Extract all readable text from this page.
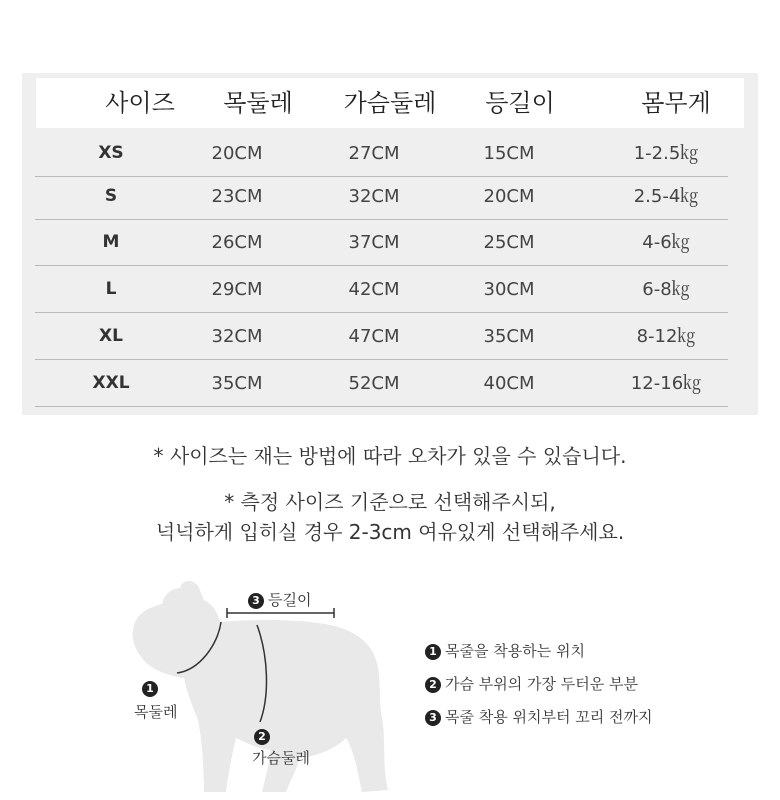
사이즈 목둘레 가슴둘레 등길이	몸무게
XS	20CM	27CM	15CM	1-2.5㎏
S	23CM	32CM	20CM	2.5-4㎏
M	26CM	37CM	25CM	4-6㎏
L	29CM	42CM	30CM	6-8㎏
XL	32CM	47CM	35CM	8-12㎏
XXL	35CM	52CM	40CM	12-16㎏
* 사이즈는 재는 방법에 따라 오차가 있을 수 있습니다.
* 측정 사이즈 기준으로 선택해주시되,
넉넉하게 입히실 경우 2-3cm 여유있게 선택해주세요.
3 등길이
1
목둘레
2
가슴둘레
1 목줄을 착용하는 위치
2 가슴 부위의 가장 두터운 부분
3 목줄 착용 위치부터 꼬리 전까지
